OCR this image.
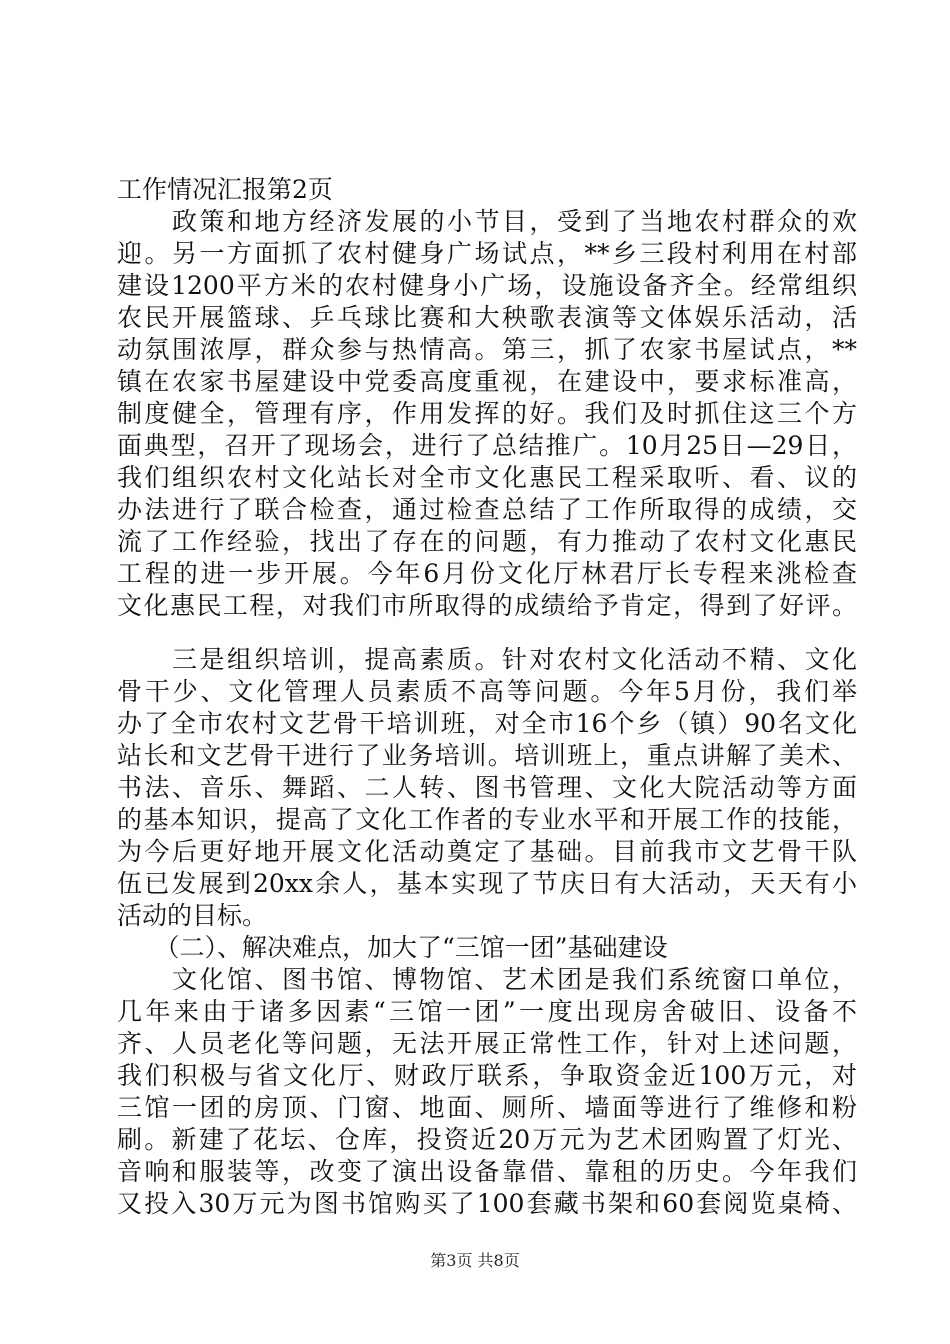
工作情况汇报第2页
　　政策和地方经济发展的小节目，受到了当地农村群众的欢
迎。另一方面抓了农村健身广场试点，**乡三段村利用在村部
建设1200平方米的农村健身小广场，设施设备齐全。经常组织
农民开展篮球、乒乓球比赛和大秧歌表演等文体娱乐活动，活
动氛围浓厚，群众参与热情高。第三，抓了农家书屋试点，**
镇在农家书屋建设中党委高度重视，在建设中，要求标准高，
制度健全，管理有序，作用发挥的好。我们及时抓住这三个方
面典型，召开了现场会，进行了总结推广。10月25日—29日，
我们组织农村文化站长对全市文化惠民工程采取听、看、议的
办法进行了联合检查，通过检查总结了工作所取得的成绩，交
流了工作经验，找出了存在的问题，有力推动了农村文化惠民
工程的进一步开展。今年6月份文化厅林君厅长专程来洮检查
文化惠民工程，对我们市所取得的成绩给予肯定，得到了好评。
　　三是组织培训，提高素质。针对农村文化活动不精、文化
骨干少、文化管理人员素质不高等问题。今年5月份，我们举
办了全市农村文艺骨干培训班，对全市16个乡（镇）90名文化
站长和文艺骨干进行了业务培训。培训班上，重点讲解了美术、
书法、音乐、舞蹈、二人转、图书管理、文化大院活动等方面
的基本知识，提高了文化工作者的专业水平和开展工作的技能，
为今后更好地开展文化活动奠定了基础。目前我市文艺骨干队
伍已发展到20xx余人，基本实现了节庆日有大活动，天天有小
活动的目标。
　　（二）、解决难点，加大了“三馆一团”基础建设
　　文化馆、图书馆、博物馆、艺术团是我们系统窗口单位，
几年来由于诸多因素“三馆一团”一度出现房舍破旧、设备不
齐、人员老化等问题，无法开展正常性工作，针对上述问题，
我们积极与省文化厅、财政厅联系，争取资金近100万元，对
三馆一团的房顶、门窗、地面、厕所、墙面等进行了维修和粉
刷。新建了花坛、仓库，投资近20万元为艺术团购置了灯光、
音响和服装等，改变了演出设备靠借、靠租的历史。今年我们
又投入30万元为图书馆购买了100套藏书架和60套阅览桌椅、
第3页 共8页
